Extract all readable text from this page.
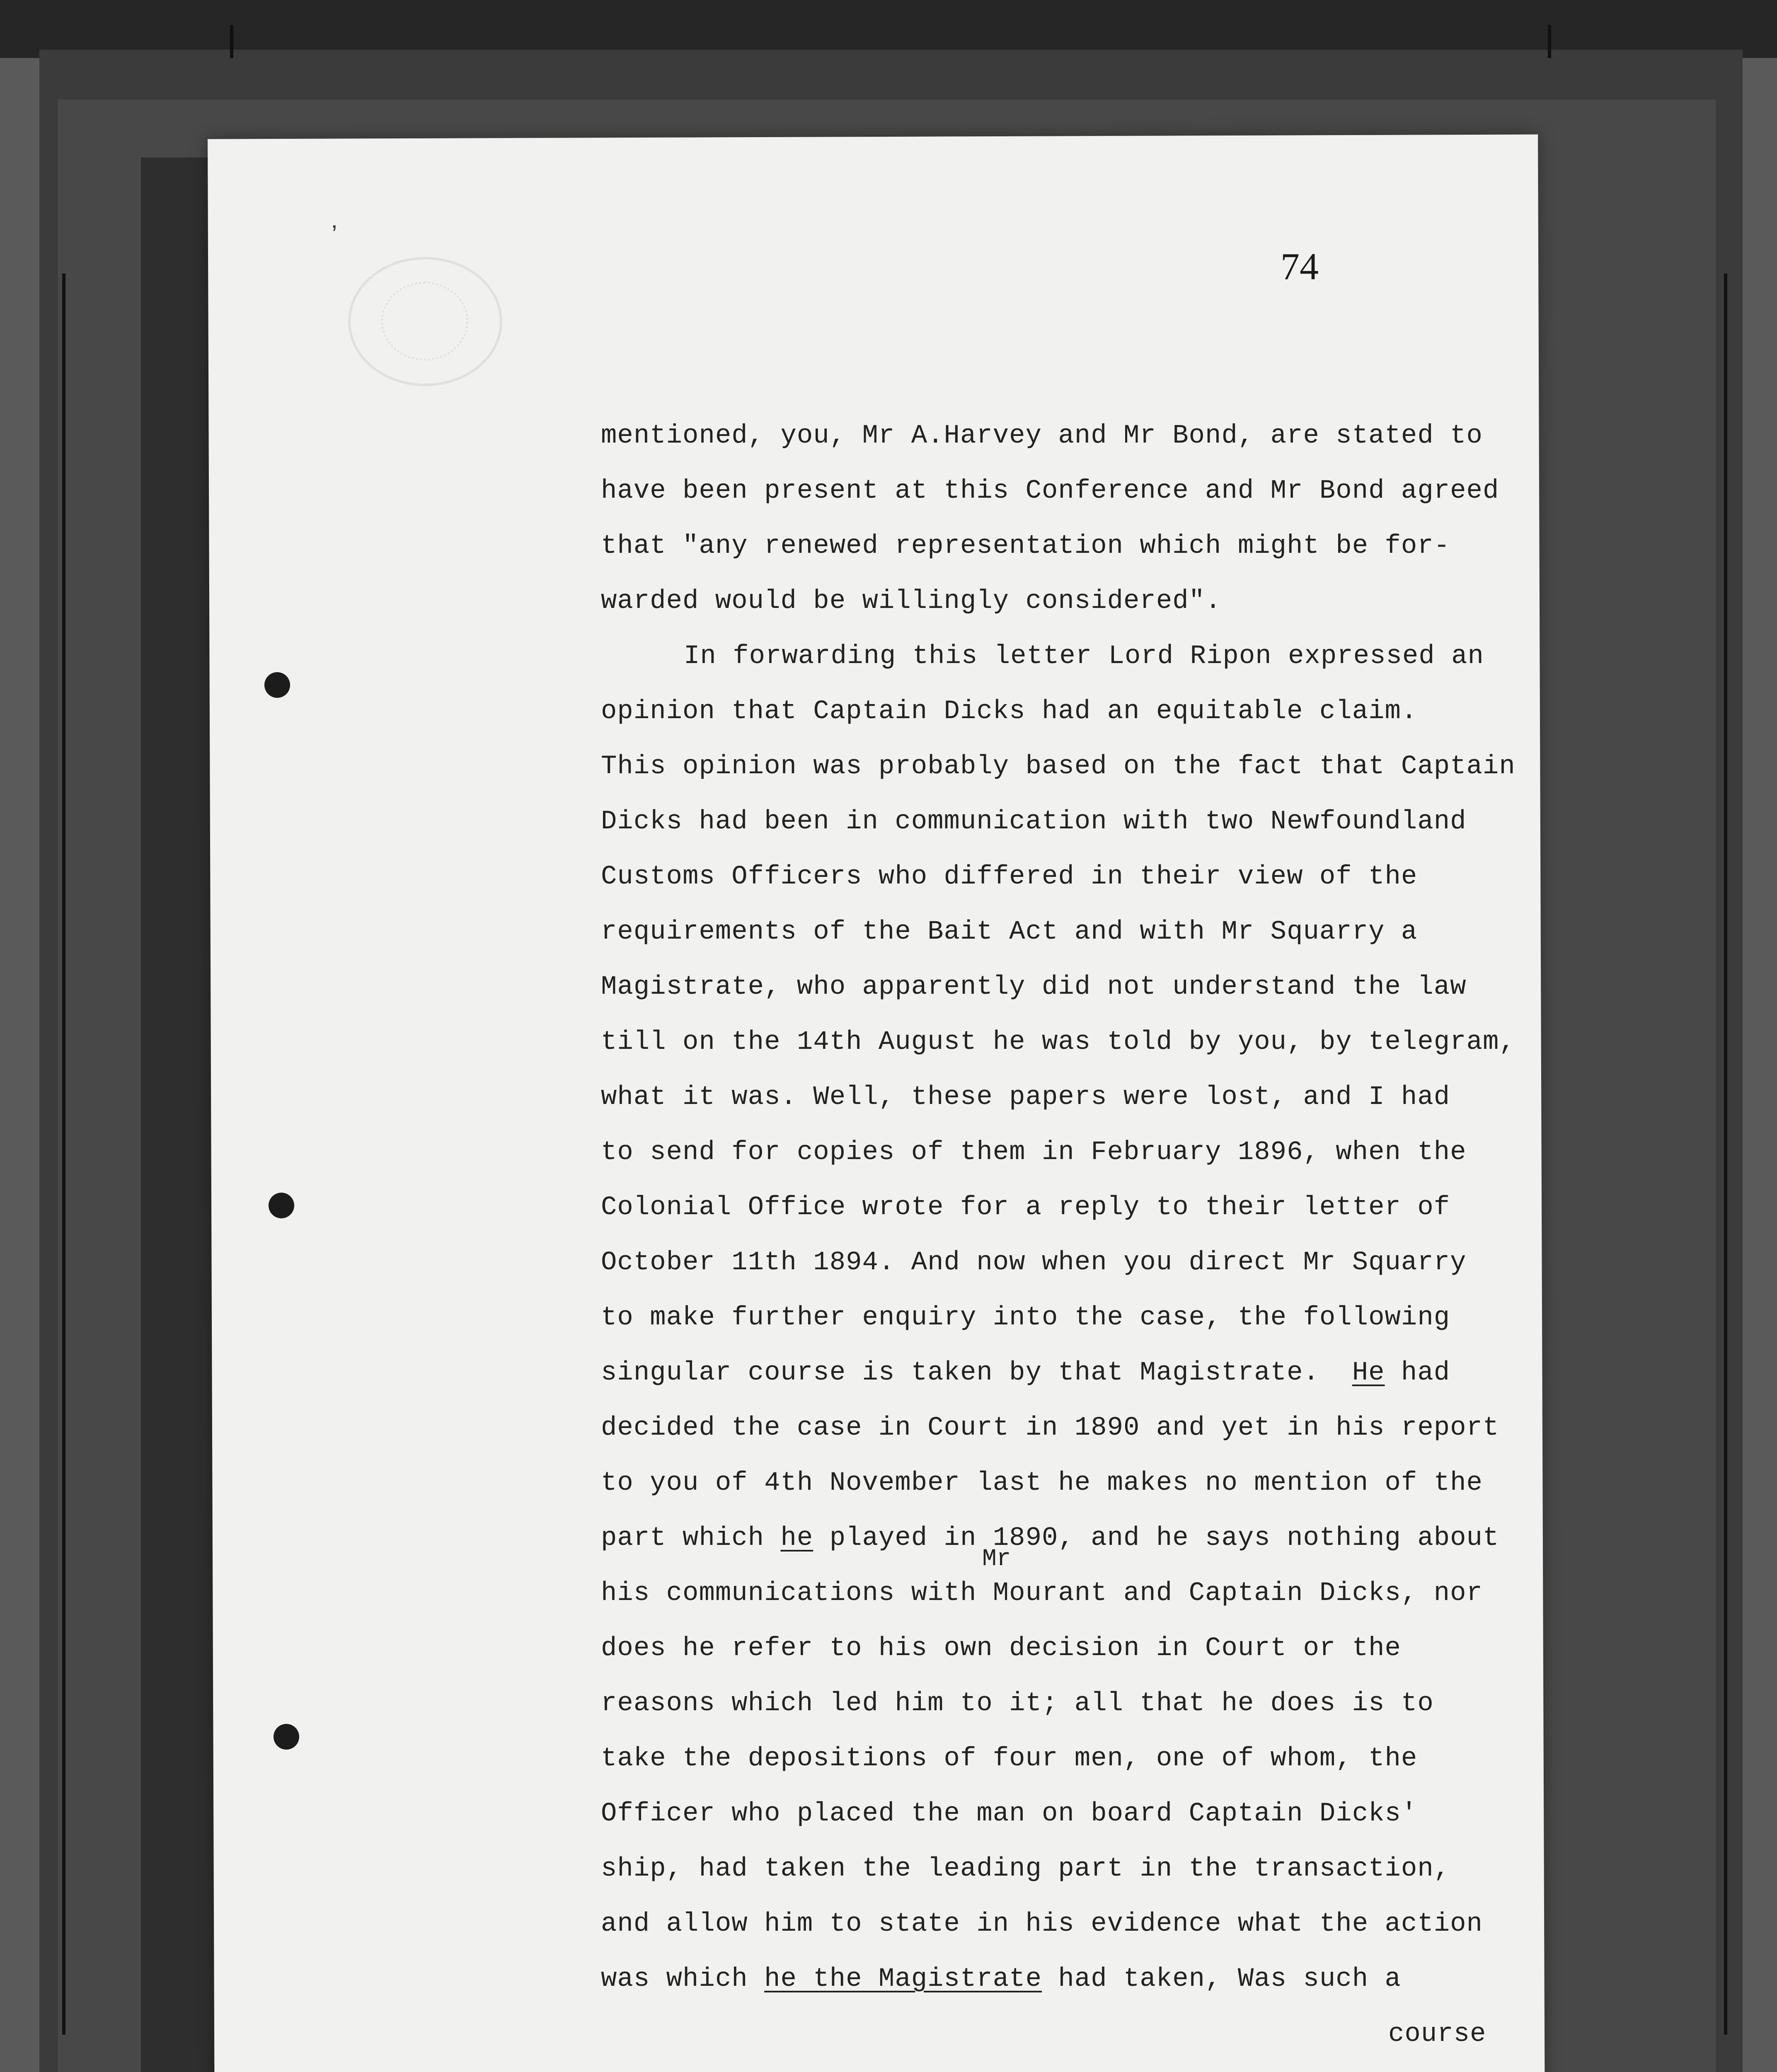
’
74
mentioned, you, Mr A.Harvey and Mr Bond, are stated to
have been present at this Conference and Mr Bond agreed
that "any renewed representation which might be for-
warded would be willingly considered".
In forwarding this letter Lord Ripon expressed an
opinion that Captain Dicks had an equitable claim.
This opinion was probably based on the fact that Captain
Dicks had been in communication with two Newfoundland
Customs Officers who differed in their view of the
requirements of the Bait Act and with Mr Squarry a
Magistrate, who apparently did not understand the law
till on the 14th August he was told by you, by telegram,
what it was. Well, these papers were lost, and I had
to send for copies of them in February 1896, when the
Colonial Office wrote for a reply to their letter of
October 11th 1894. And now when you direct Mr Squarry
to make further enquiry into the case, the following
singular course is taken by that Magistrate. He had
decided the case in Court in 1890 and yet in his report
to you of 4th November last he makes no mention of the
part which he played in 1890, and he says nothing about
Mr
his communications with Mourant and Captain Dicks, nor
does he refer to his own decision in Court or the
reasons which led him to it; all that he does is to
take the depositions of four men, one of whom, the
Officer who placed the man on board Captain Dicks'
ship, had taken the leading part in the transaction,
and allow him to state in his evidence what the action
was which he the Magistrate had taken, Was such a
course
